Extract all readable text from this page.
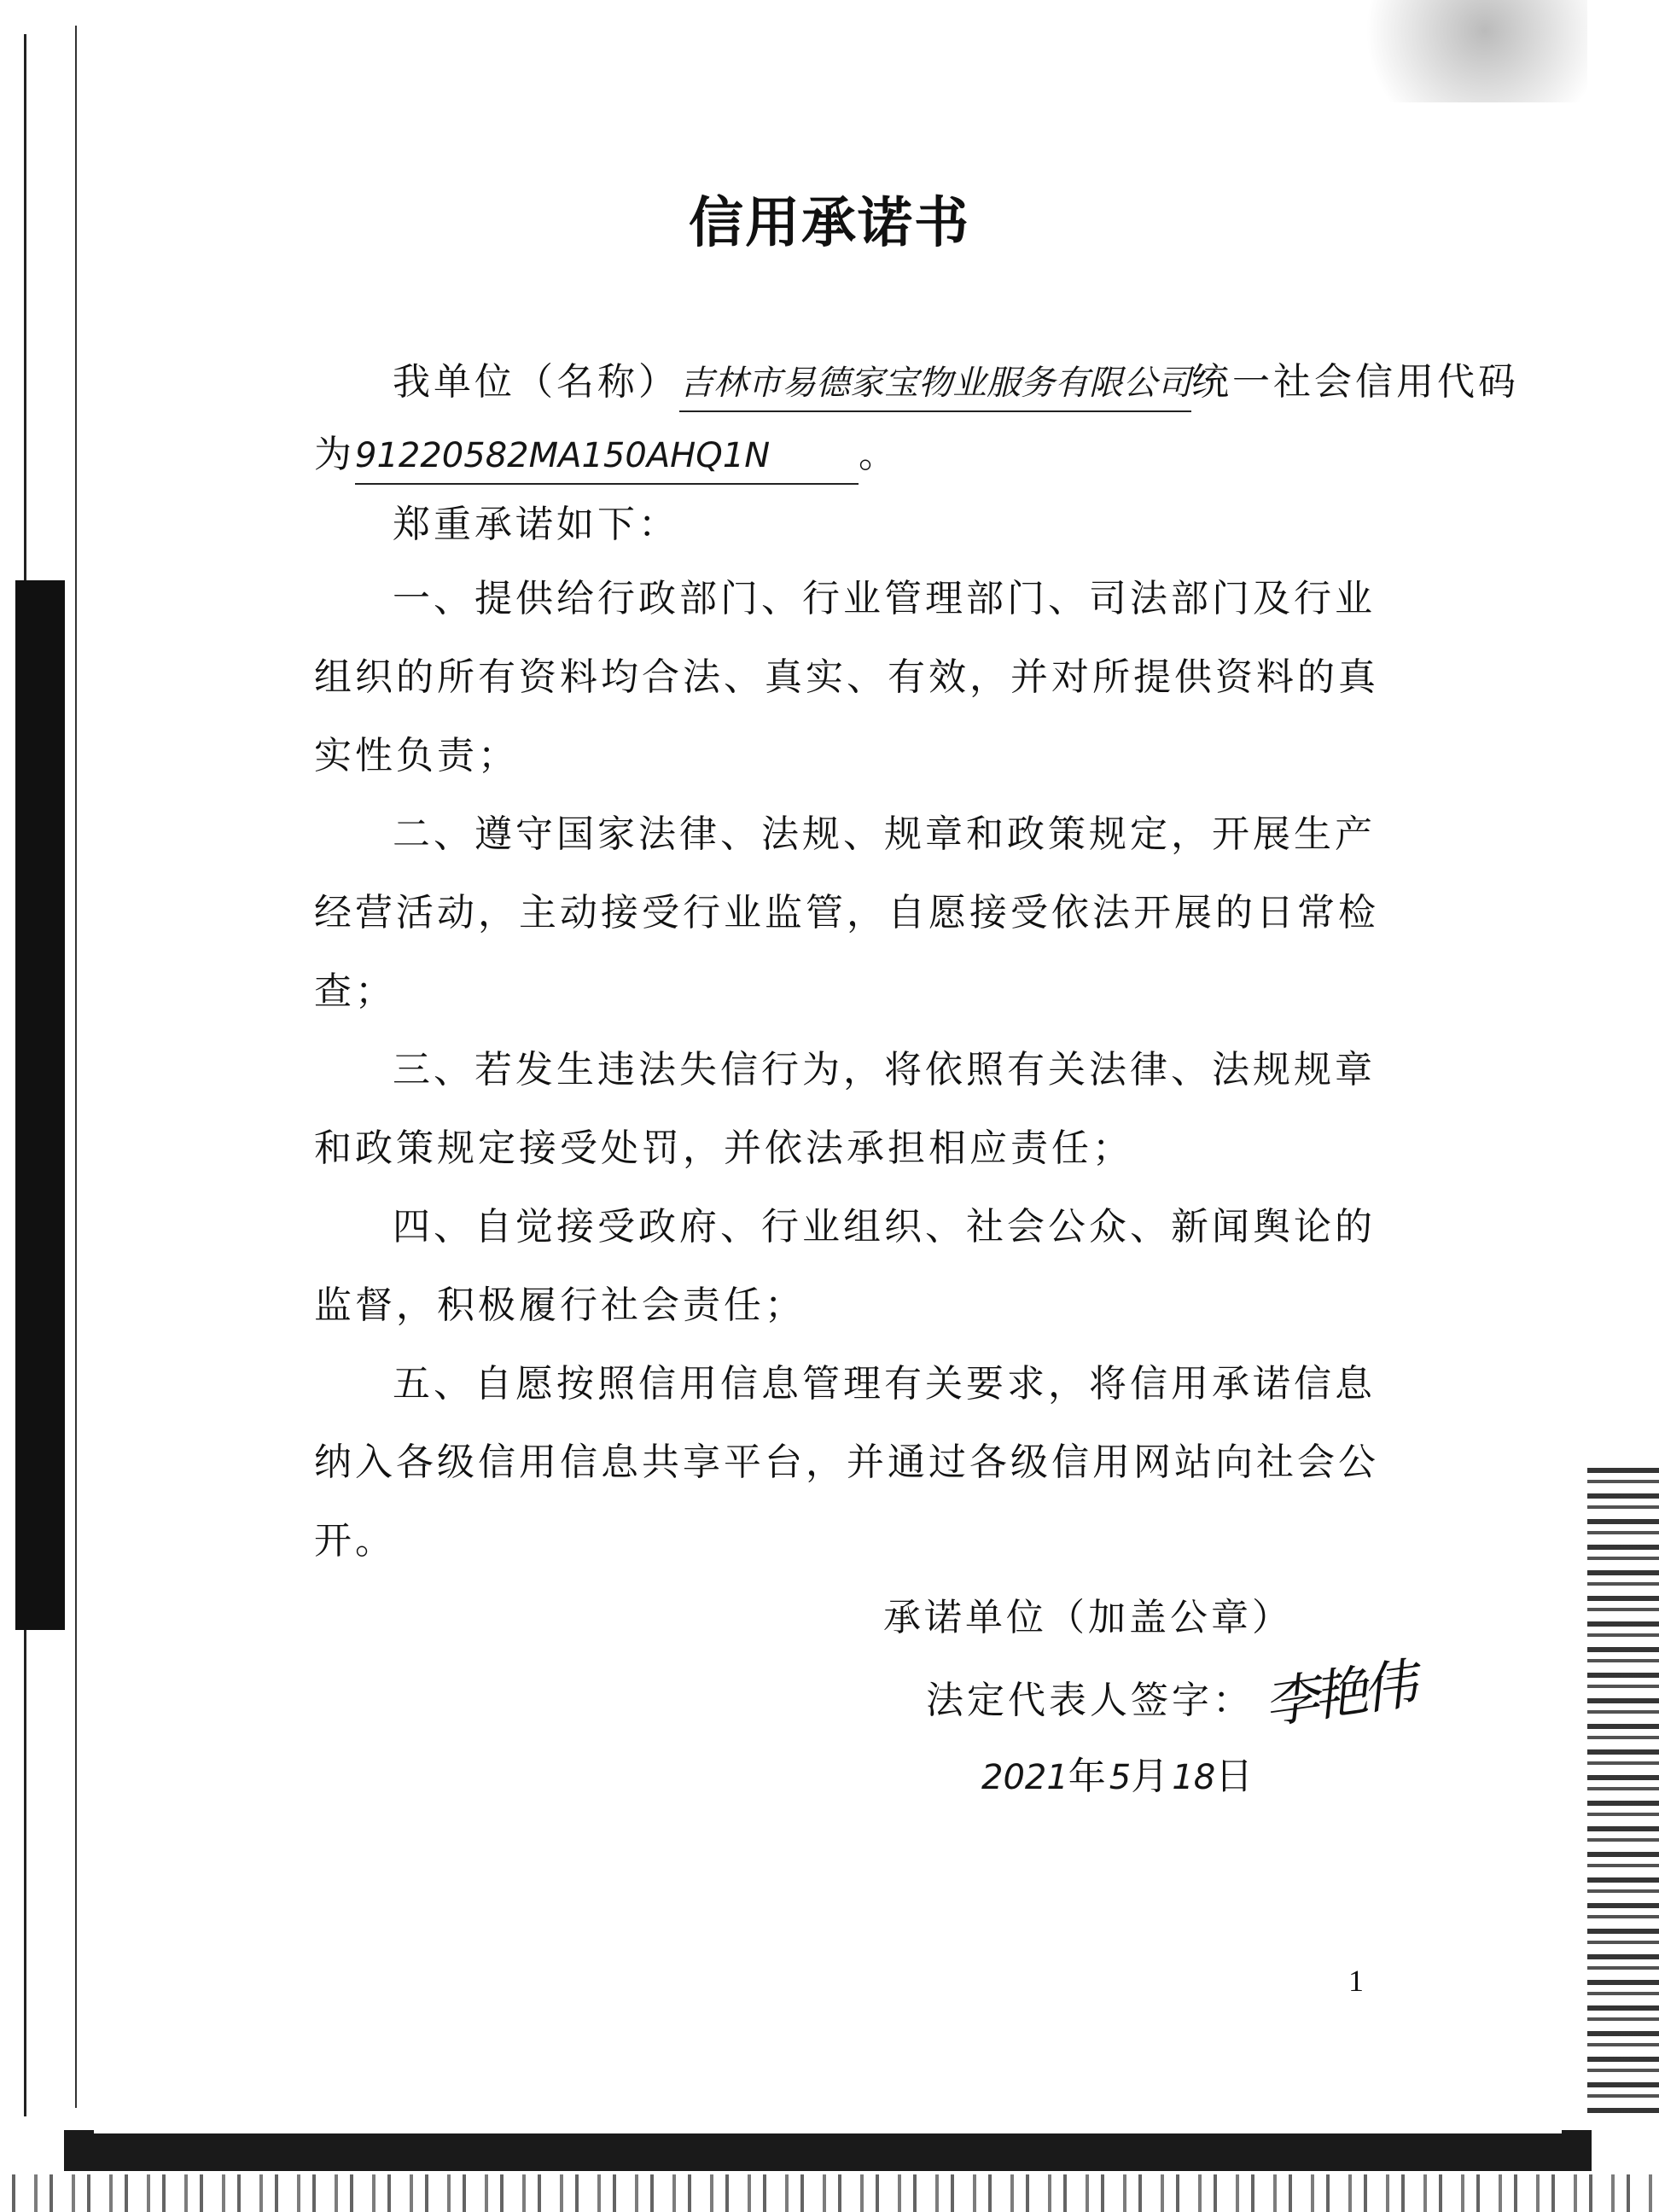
信用承诺书
我单位（名称）吉林市易德家宝物业服务有限公司统一社会信用代码
为91220582MA150AHQ1N 。
郑重承诺如下：
一、提供给行政部门、行业管理部门、司法部门及行业
组织的所有资料均合法、真实、有效，并对所提供资料的真
实性负责；
二、遵守国家法律、法规、规章和政策规定，开展生产
经营活动，主动接受行业监管，自愿接受依法开展的日常检
查；
三、若发生违法失信行为，将依照有关法律、法规规章
和政策规定接受处罚，并依法承担相应责任；
四、自觉接受政府、行业组织、社会公众、新闻舆论的
监督，积极履行社会责任；
五、自愿按照信用信息管理有关要求，将信用承诺信息
纳入各级信用信息共享平台，并通过各级信用网站向社会公
开。
承诺单位（加盖公章）
法定代表人签字： 李艳伟
2021年5月18日
1
